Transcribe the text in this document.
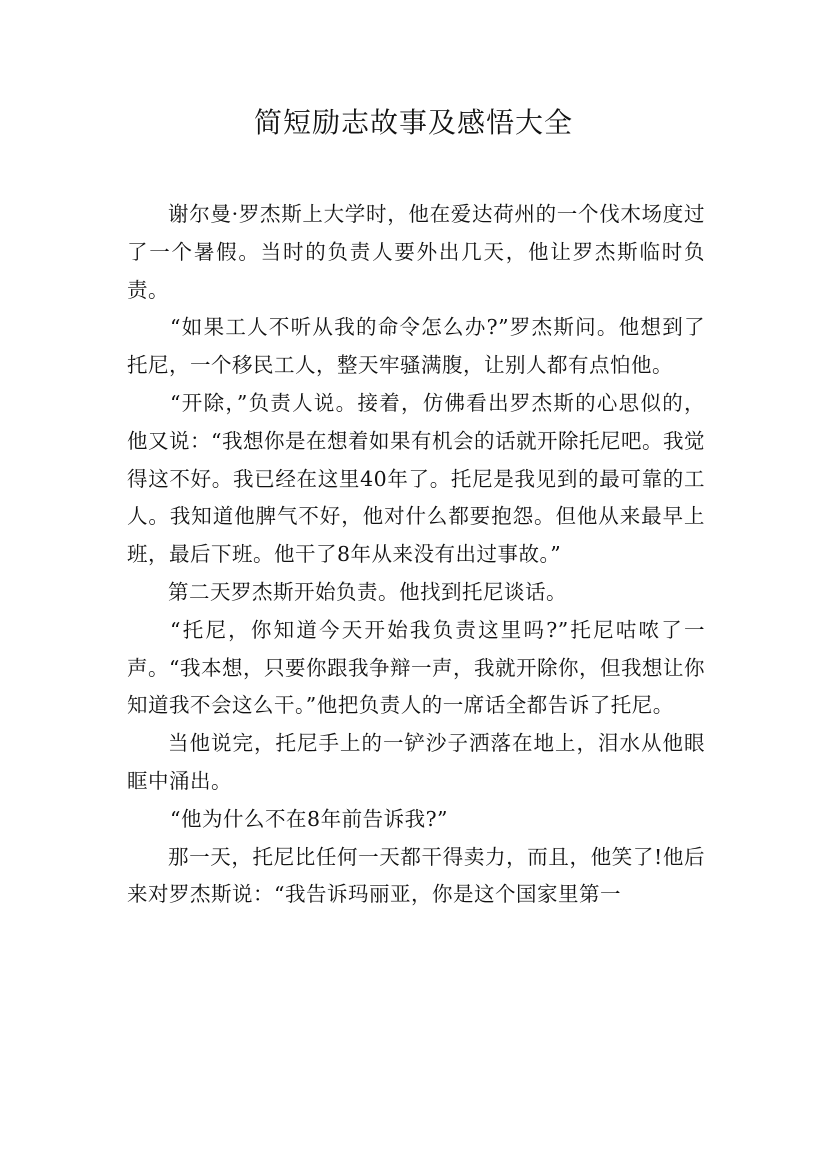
简短励志故事及感悟大全

谢尔曼·罗杰斯上大学时，他在爱达荷州的一个伐木场度过了一个暑假。当时的负责人要外出几天，他让罗杰斯临时负责。

“如果工人不听从我的命令怎么办?”罗杰斯问。他想到了托尼，一个移民工人，整天牢骚满腹，让别人都有点怕他。

“开除，”负责人说。接着，仿佛看出罗杰斯的心思似的，他又说：“我想你是在想着如果有机会的话就开除托尼吧。我觉得这不好。我已经在这里40年了。托尼是我见到的最可靠的工人。我知道他脾气不好，他对什么都要抱怨。但他从来最早上班，最后下班。他干了8年从来没有出过事故。”

第二天罗杰斯开始负责。他找到托尼谈话。

“托尼，你知道今天开始我负责这里吗?”托尼咕哝了一声。“我本想，只要你跟我争辩一声，我就开除你，但我想让你知道我不会这么干。”他把负责人的一席话全都告诉了托尼。

当他说完，托尼手上的一铲沙子洒落在地上，泪水从他眼眶中涌出。

“他为什么不在8年前告诉我?”

那一天，托尼比任何一天都干得卖力，而且，他笑了!他后来对罗杰斯说：“我告诉玛丽亚，你是这个国家里第一
